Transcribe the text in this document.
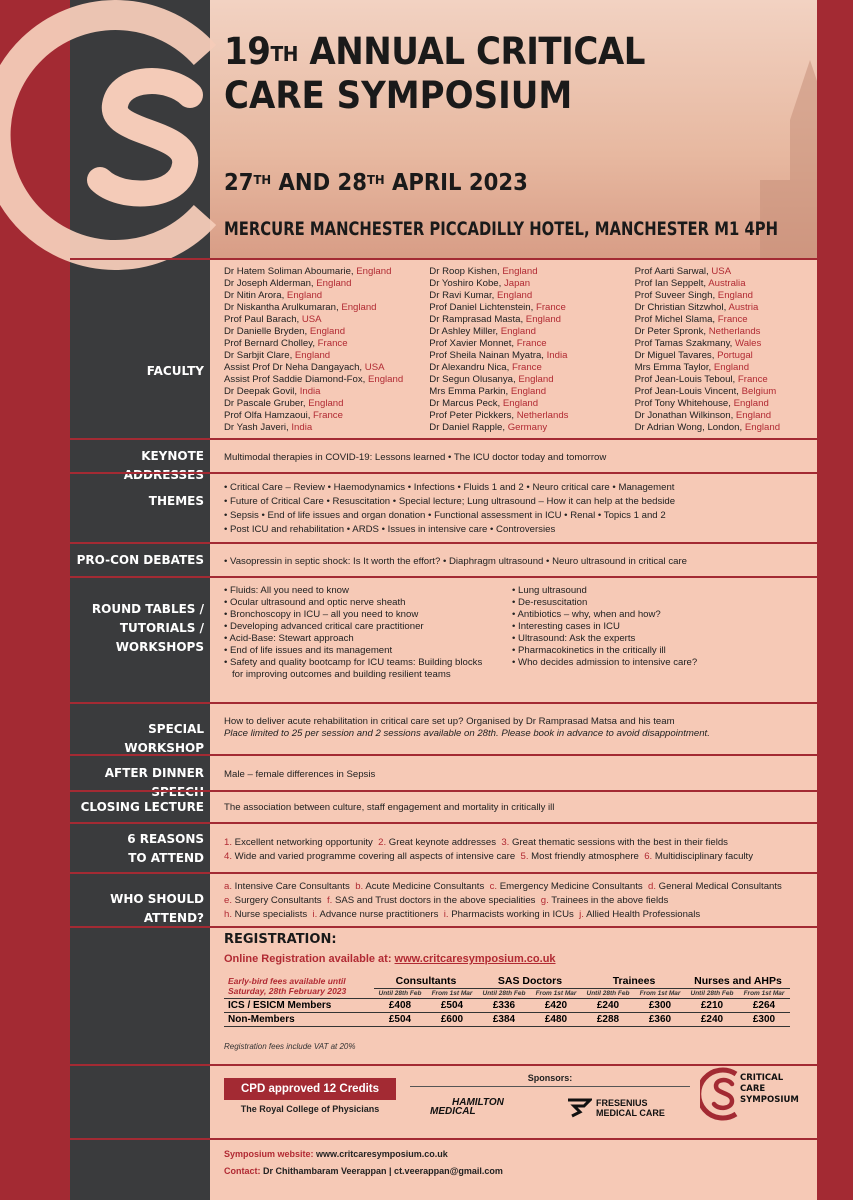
19TH ANNUAL CRITICAL
CARE SYMPOSIUM
27TH AND 28TH APRIL 2023
MERCURE MANCHESTER PICCADILLY HOTEL, MANCHESTER M1 4PH
FACULTY
Dr Hatem Soliman Aboumarie, England
Dr Joseph Alderman, England
Dr Nitin Arora, England
Dr Niskantha Arulkumaran, England
Prof Paul Barach, USA
Dr Danielle Bryden, England
Prof Bernard Cholley, France
Dr Sarbjit Clare, England
Assist Prof Dr Neha Dangayach, USA
Assist Prof Saddie Diamond-Fox, England
Dr Deepak Govil, India
Dr Pascale Gruber, England
Prof Olfa Hamzaoui, France
Dr Yash Javeri, India
Dr Roop Kishen, England
Dr Yoshiro Kobe, Japan
Dr Ravi Kumar, England
Prof Daniel Lichtenstein, France
Dr Ramprasad Masta, England
Dr Ashley Miller, England
Prof Xavier Monnet, France
Prof Sheila Nainan Myatra, India
Dr Alexandru Nica, France
Dr Segun Olusanya, England
Mrs Emma Parkin, England
Dr Marcus Peck, England
Prof Peter Pickkers, Netherlands
Dr Daniel Rapple, Germany
Prof Aarti Sarwal, USA
Prof Ian Seppelt, Australia
Prof Suveer Singh, England
Dr Christian Sitzwhol, Austria
Prof Michel Slama, France
Dr Peter Spronk, Netherlands
Prof Tamas Szakmany, Wales
Dr Miguel Tavares, Portugal
Mrs Emma Taylor, England
Prof Jean-Louis Teboul, France
Prof Jean-Louis Vincent, Belgium
Prof Tony Whitehouse, England
Dr Jonathan Wilkinson, England
Dr Adrian Wong, London, England
KEYNOTE ADDRESSES
Multimodal therapies in COVID-19: Lessons learned • The ICU doctor today and tomorrow
THEMES
• Critical Care – Review • Haemodynamics • Infections • Fluids 1 and 2 • Neuro critical care • Management
• Future of Critical Care • Resuscitation • Special lecture; Lung ultrasound – How it can help at the bedside
• Sepsis • End of life issues and organ donation • Functional assessment in ICU • Renal • Topics 1 and 2
• Post ICU and rehabilitation • ARDS • Issues in intensive care • Controversies
PRO-CON DEBATES	• Vasopressin in septic shock: Is It worth the effort? • Diaphragm ultrasound • Neuro ultrasound in critical care
ROUND TABLES /
TUTORIALS /
WORKSHOPS
• Fluids: All you need to know
• Ocular ultrasound and optic nerve sheath
• Bronchoscopy in ICU – all you need to know
• Developing advanced critical care practitioner
• Acid-Base: Stewart approach
• End of life issues and its management
• Safety and quality bootcamp for ICU teams: Building blocks
for improving outcomes and building resilient teams
• Lung ultrasound
• De-resuscitation
• Antibiotics – why, when and how?
• Interesting cases in ICU
• Ultrasound: Ask the experts
• Pharmacokinetics in the critically ill
• Who decides admission to intensive care?
SPECIAL WORKSHOP
How to deliver acute rehabilitation in critical care set up? Organised by Dr Ramprasad Matsa and his team
Place limited to 25 per session and 2 sessions available on 28th. Please book in advance to avoid disappointment.
AFTER DINNER SPEECH
Male – female differences in Sepsis
CLOSING LECTURE	The association between culture, staff engagement and mortality in critically ill
6 REASONS
TO ATTEND
1. Excellent networking opportunity  2. Great keynote addresses  3. Great thematic sessions with the best in their fields
4. Wide and varied programme covering all aspects of intensive care  5. Most friendly atmosphere  6. Multidisciplinary faculty
WHO SHOULD ATTEND?
a. Intensive Care Consultants  b. Acute Medicine Consultants  c. Emergency Medicine Consultants  d. General Medical Consultants
e. Surgery Consultants  f. SAS and Trust doctors in the above specialities  g. Trainees in the above fields
h. Nurse specialists  i. Advance nurse practitioners  i. Pharmacists working in ICUs  j. Allied Health Professionals
REGISTRATION:
Online Registration available at: www.critcaresymposium.co.uk
Early-bird fees available until
Saturday, 28th February 2023	Consultants		SAS Doctors		Trainees		Nurses and AHPs	
	Until 28th Feb	From 1st Mar	Until 28th Feb	From 1st Mar	Until 28th Feb	From 1st Mar	Until 28th Feb	From 1st Mar
ICS / ESICM Members	£408	£504	£336	£420	£240	£300	£210	£264
Non-Members	£504	£600	£384	£480	£288	£360	£240	£300
Registration fees include VAT at 20%
CPD approved 12 Credits
The Royal College of Physicians
Sponsors:
HAMILTON
MEDICAL
FRESENIUS
MEDICAL CARE
CRITICAL
CARE
SYMPOSIUM
Symposium website: www.critcaresymposium.co.uk
Contact: Dr Chithambaram Veerappan | ct.veerappan@gmail.com
